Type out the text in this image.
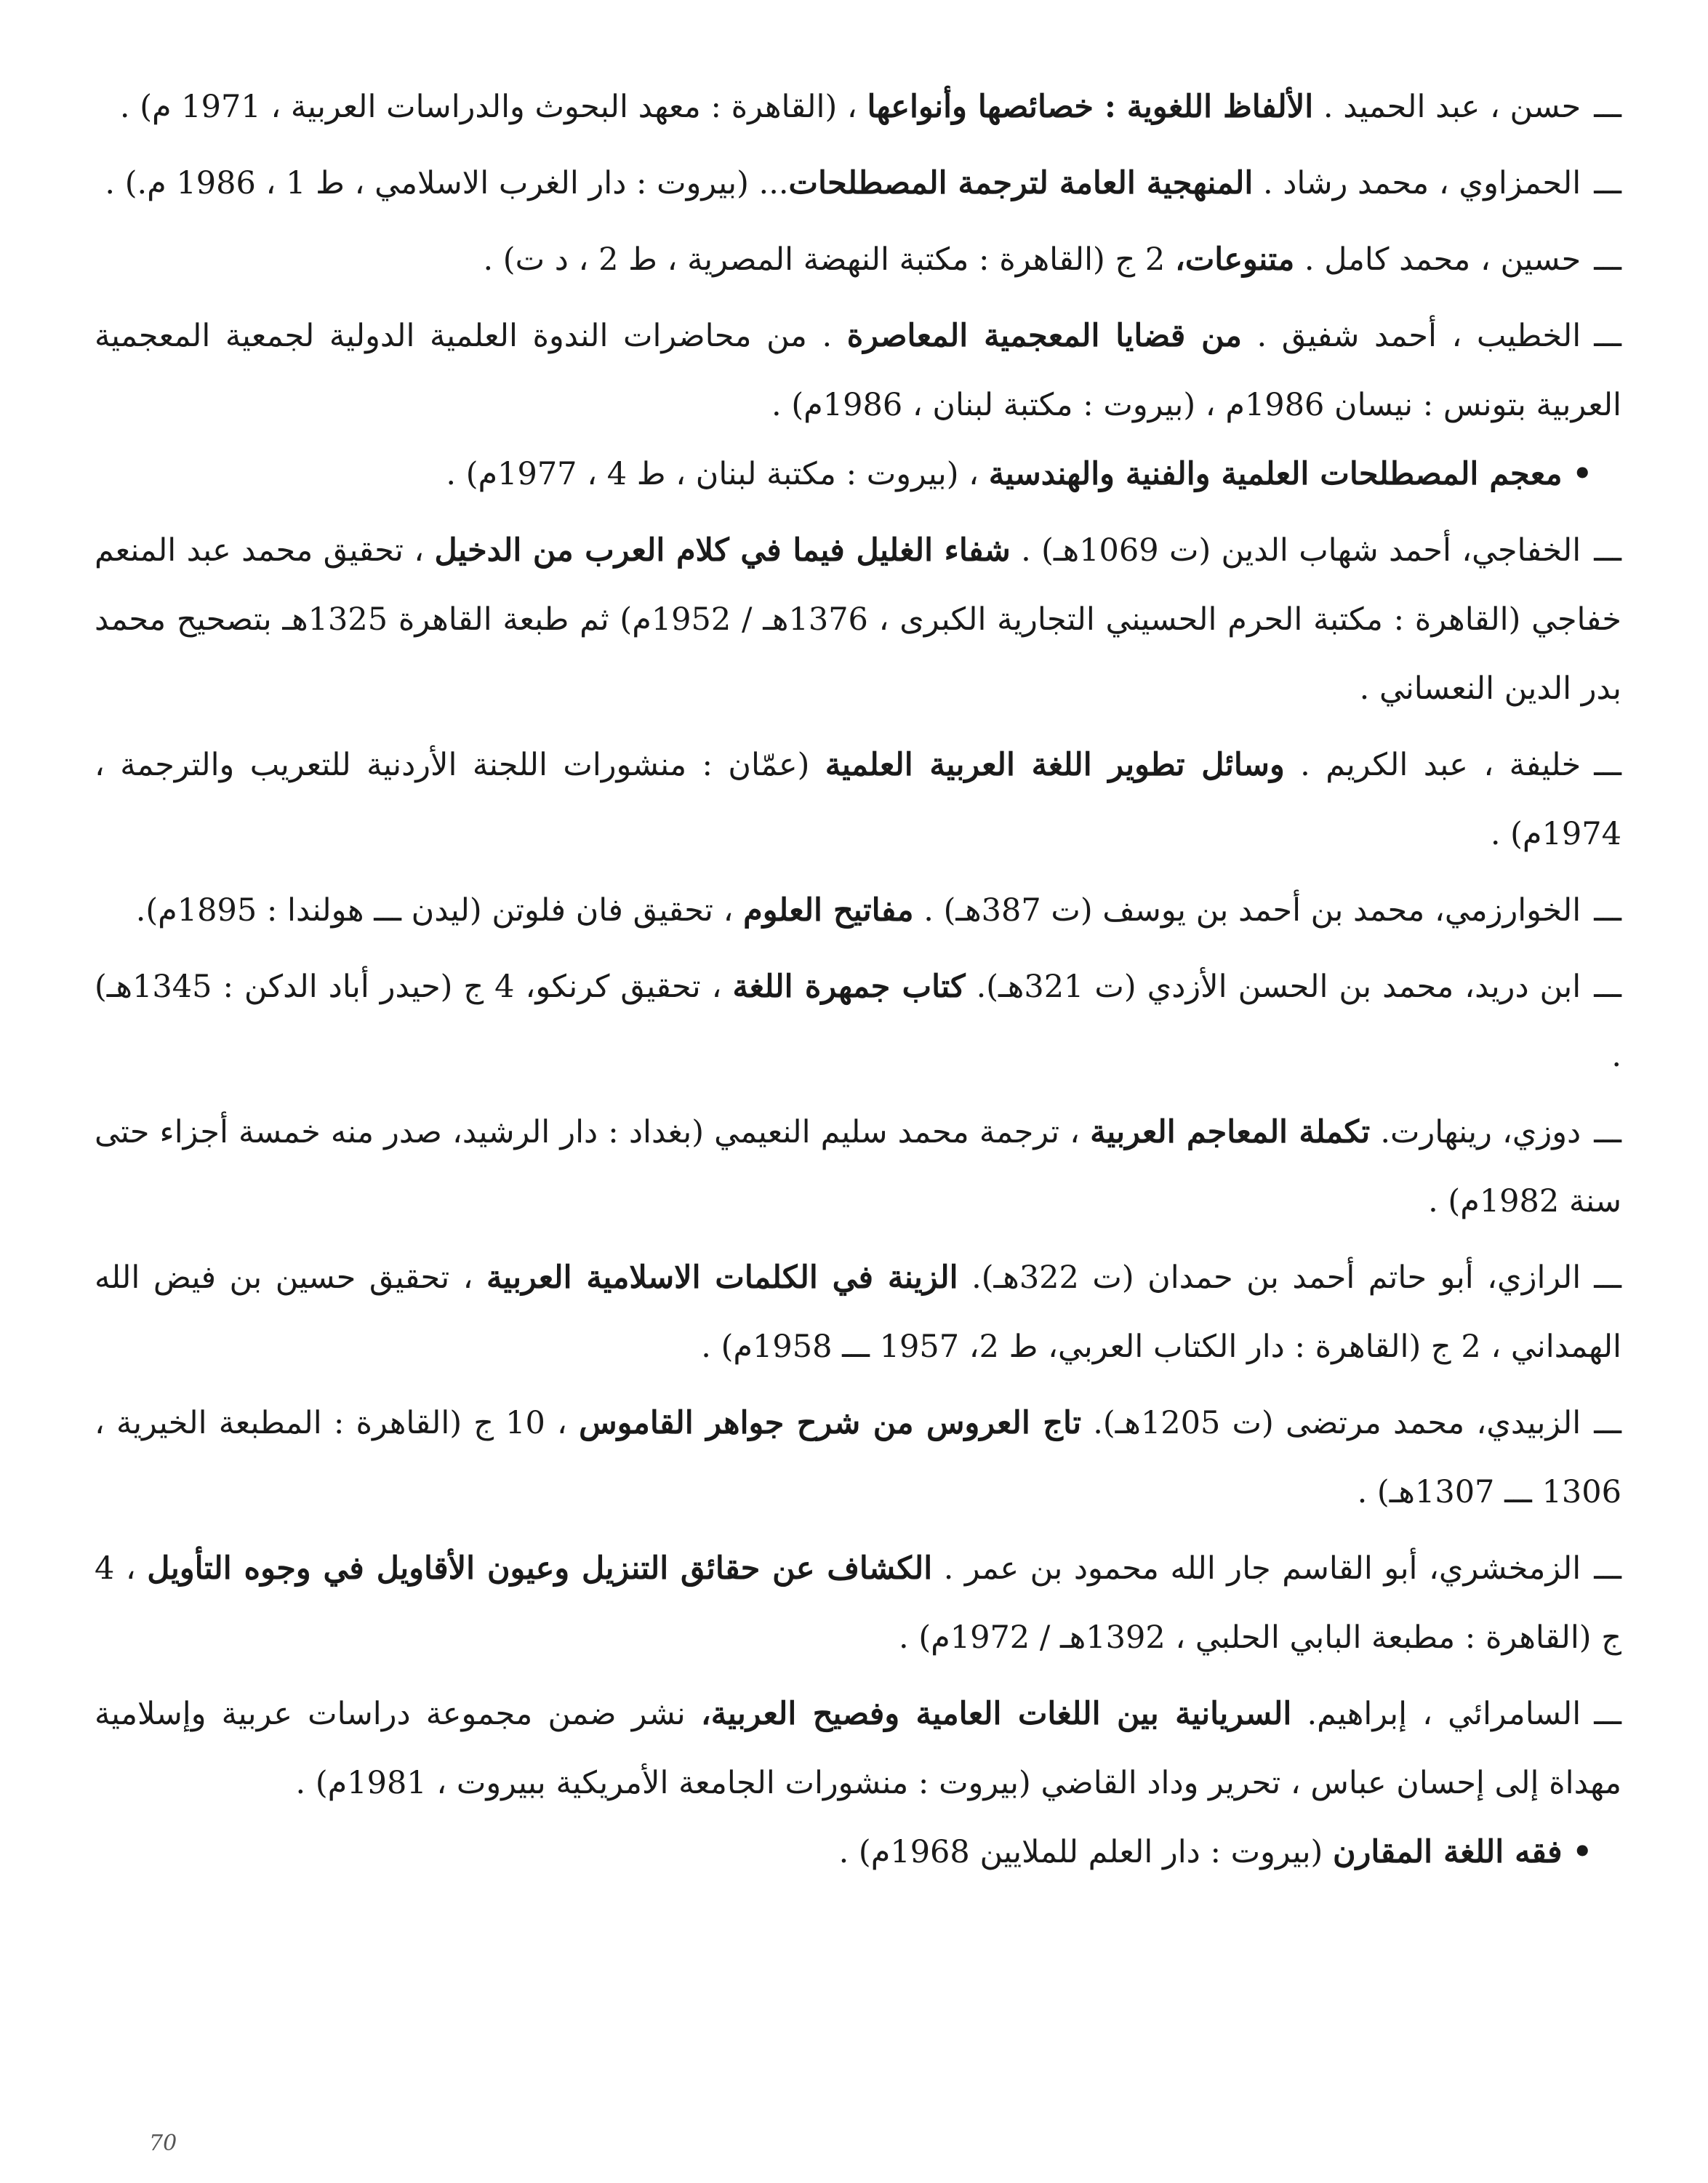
ـــحسن ، عبد الحميد . الألفاظ اللغوية : خصائصها وأنواعها ، (القاهرة : معهد البحوث والدراسات العربية ، 1971 م) .

ـــالحمزاوي ، محمد رشاد . المنهجية العامة لترجمة المصطلحات... (بيروت : دار الغرب الاسلامي ، ط 1 ، 1986 م.) .

ـــحسين ، محمد كامل . متنوعات، 2 ج (القاهرة : مكتبة النهضة المصرية ، ط 2 ، د ت) .

ـــالخطيب ، أحمد شفيق . من قضايا المعجمية المعاصرة . من محاضرات الندوة العلمية الدولية لجمعية المعجمية العربية بتونس : نيسان 1986م ، (بيروت : مكتبة لبنان ، 1986م) .

•معجم المصطلحات العلمية والفنية والهندسية ، (بيروت : مكتبة لبنان ، ط 4 ، 1977م) .

ـــالخفاجي، أحمد شهاب الدين (ت 1069هـ) . شفاء الغليل فيما في كلام العرب من الدخيل ، تحقيق محمد عبد المنعم خفاجي (القاهرة : مكتبة الحرم الحسيني التجارية الكبرى ، 1376هـ / 1952م) ثم طبعة القاهرة 1325هـ بتصحيح محمد بدر الدين النعساني .

ـــخليفة ، عبد الكريم . وسائل تطوير اللغة العربية العلمية (عمّان : منشورات اللجنة الأردنية للتعريب والترجمة ، 1974م) .

ـــالخوارزمي، محمد بن أحمد بن يوسف (ت 387هـ) . مفاتيح العلوم ، تحقيق فان فلوتن (ليدن ـــ هولندا : 1895م).

ـــابن دريد، محمد بن الحسن الأزدي (ت 321هـ). كتاب جمهرة اللغة ، تحقيق كرنكو، 4 ج (حيدر أباد الدكن : 1345هـ) .

ـــدوزي، رينهارت. تكملة المعاجم العربية ، ترجمة محمد سليم النعيمي (بغداد : دار الرشيد، صدر منه خمسة أجزاء حتى سنة 1982م) .

ـــالرازي، أبو حاتم أحمد بن حمدان (ت 322هـ). الزينة في الكلمات الاسلامية العربية ، تحقيق حسين بن فيض الله الهمداني ، 2 ج (القاهرة : دار الكتاب العربي، ط 2، 1957 ـــ 1958م) .

ـــالزبيدي، محمد مرتضى (ت 1205هـ). تاج العروس من شرح جواهر القاموس ، 10 ج (القاهرة : المطبعة الخيرية ، 1306 ـــ 1307هـ) .

ـــالزمخشري، أبو القاسم جار الله محمود بن عمر . الكشاف عن حقائق التنزيل وعيون الأقاويل في وجوه التأويل ، 4 ج (القاهرة : مطبعة البابي الحلبي ، 1392هـ / 1972م) .

ـــالسامرائي ، إبراهيم. السريانية بين اللغات العامية وفصيح العربية، نشر ضمن مجموعة دراسات عربية وإسلامية مهداة إلى إحسان عباس ، تحرير وداد القاضي (بيروت : منشورات الجامعة الأمريكية ببيروت ، 1981م) .

•فقه اللغة المقارن (بيروت : دار العلم للملايين 1968م) .

70
